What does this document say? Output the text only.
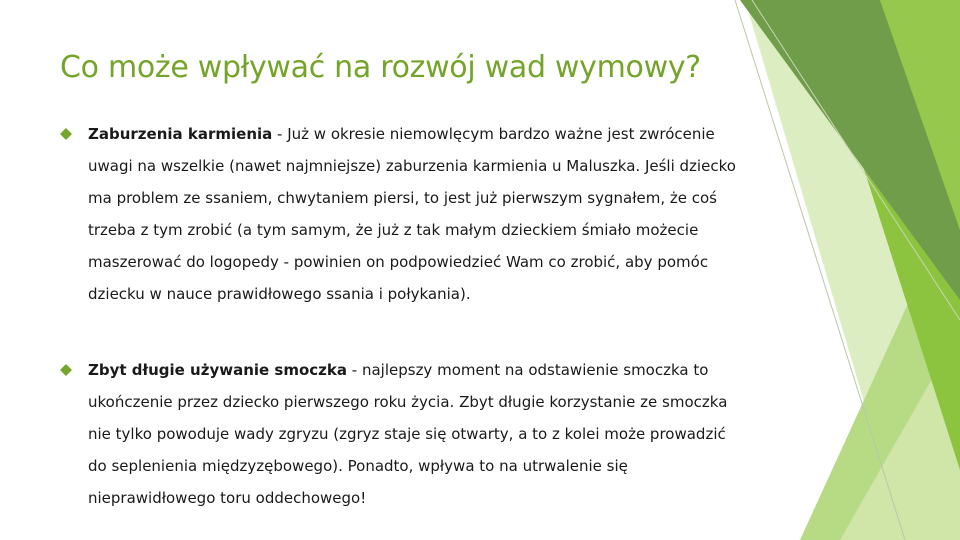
Co może wpływać na rozwój wad wymowy?

Zaburzenia karmienia - Już w okresie niemowlęcym bardzo ważne jest zwrócenie uwagi na wszelkie (nawet najmniejsze) zaburzenia karmienia u Maluszka. Jeśli dziecko ma problem ze ssaniem, chwytaniem piersi, to jest już pierwszym sygnałem, że coś trzeba z tym zrobić (a tym samym, że już z tak małym dzieckiem śmiało możecie maszerować do logopedy - powinien on podpowiedzieć Wam co zrobić, aby pomóc dziecku w nauce prawidłowego ssania i połykania).

Zbyt długie używanie smoczka - najlepszy moment na odstawienie smoczka to ukończenie przez dziecko pierwszego roku życia. Zbyt długie korzystanie ze smoczka nie tylko powoduje wady zgryzu (zgryz staje się otwarty, a to z kolei może prowadzić do seplenienia międzyzębowego). Ponadto, wpływa to na utrwalenie się nieprawidłowego toru oddechowego!
